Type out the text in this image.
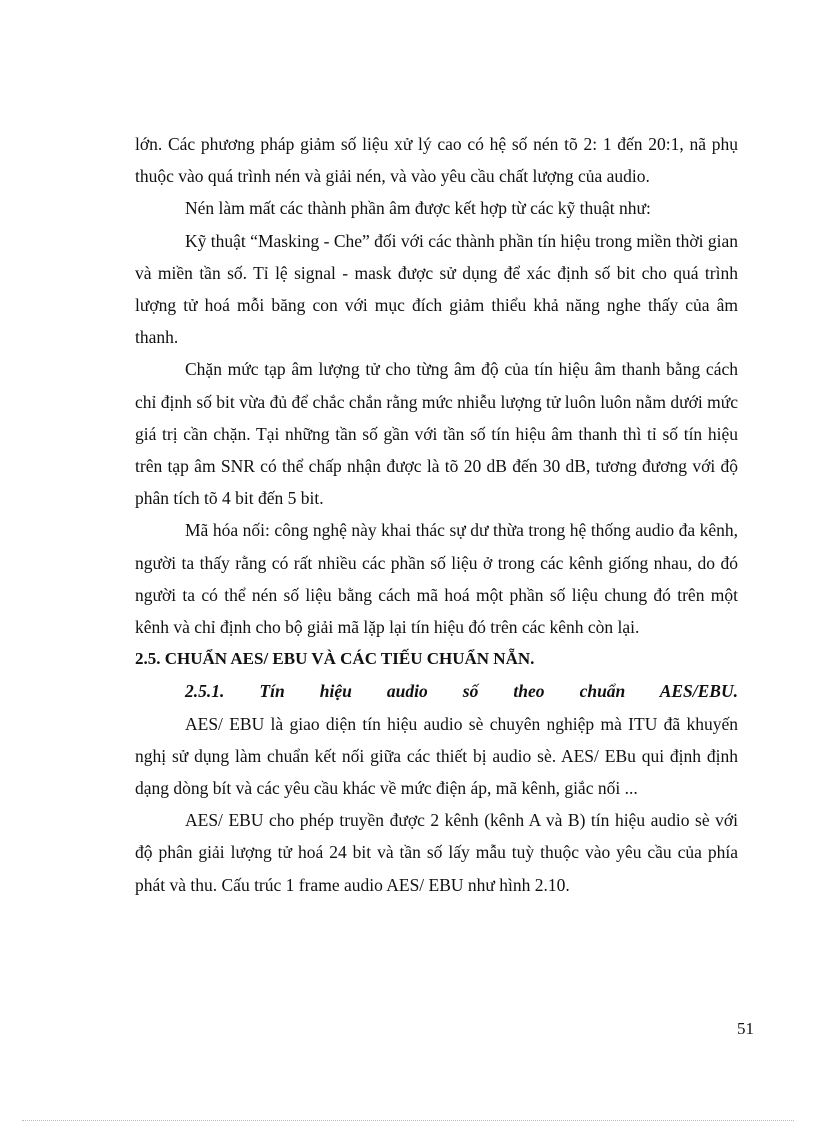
lớn. Các phương pháp giảm số liệu xử lý cao có hệ số nén tõ 2: 1 đến 20:1, nã phụ thuộc vào quá trình nén và giải nén, và vào yêu cầu chất lượng của audio.

Nén làm mất các thành phần âm được kết hợp từ các kỹ thuật như:

Kỹ thuật “Masking - Che” đối với các thành phần tín hiệu trong miền thời gian và miền tần số. Tỉ lệ signal - mask được sử dụng để xác định số bit cho quá trình lượng tử hoá mỗi băng con với mục đích giảm thiểu khả năng nghe thấy của âm thanh.

Chặn mức tạp âm lượng tử cho từng âm độ của tín hiệu âm thanh bằng cách chỉ định số bit vừa đủ để chắc chắn rằng mức nhiễu lượng tử luôn luôn nằm dưới mức giá trị cần chặn. Tại những tần số gần với tần số tín hiệu âm thanh thì tỉ số tín hiệu trên tạp âm SNR có thể chấp nhận được là tõ 20 dB đến 30 dB, tương đương với độ phân tích tõ 4 bit đến 5 bit.

Mã hóa nối: công nghệ này khai thác sự dư thừa trong hệ thống audio đa kênh, người ta thấy rằng có rất nhiều các phần số liệu ở trong các kênh giống nhau, do đó người ta có thể nén số liệu bằng cách mã hoá một phần số liệu chung đó trên một kênh và chỉ định cho bộ giải mã lặp lại tín hiệu đó trên các kênh còn lại.

2.5. CHUẨN AES/ EBU VÀ CÁC TIẾU CHUẨN NẴN.

2.5.1. Tín hiệu audio số theo chuẩn AES/EBU.

AES/ EBU là giao diện tín hiệu audio sè chuyên nghiệp mà ITU đã khuyến nghị sử dụng làm chuẩn kết nối giữa các thiết bị audio sè. AES/ EBu qui định định dạng dòng bít và các yêu cầu khác về mức điện áp, mã kênh, giắc nối ...

AES/ EBU cho phép truyền được 2 kênh (kênh A và B) tín hiệu audio sè với độ phân giải lượng tử hoá 24 bit và tần số lấy mẫu tuỳ thuộc vào yêu cầu của phía phát và thu. Cấu trúc 1 frame audio AES/ EBU như hình 2.10.

51
